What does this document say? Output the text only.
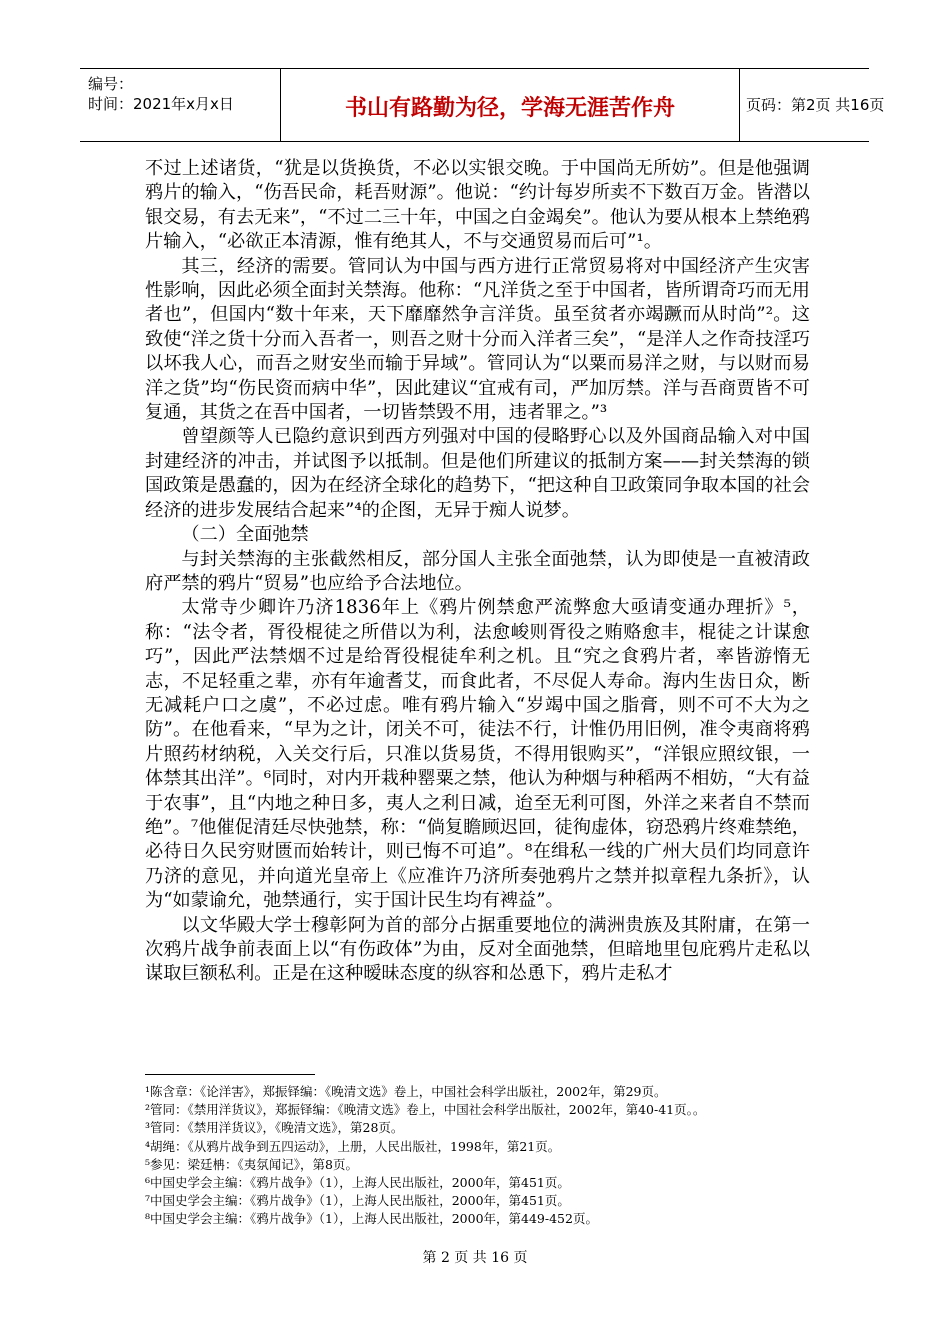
编号：
时间：2021年x月x日	书山有路勤为径，学海无涯苦作舟	页码：第2页 共16页

不过上述诸货，“犹是以货换货，不必以实银交晚。于中国尚无所妨”。但是他强调鸦片的输入，“伤吾民命，耗吾财源”。他说：“约计每岁所卖不下数百万金。皆潜以银交易，有去无来”，“不过二三十年，中国之白金竭矣”。他认为要从根本上禁绝鸦片输入，“必欲正本清源，惟有绝其人，不与交通贸易而后可”¹。

其三，经济的需要。管同认为中国与西方进行正常贸易将对中国经济产生灾害性影响，因此必须全面封关禁海。他称：“凡洋货之至于中国者，皆所谓奇巧而无用者也”，但国内“数十年来，天下靡靡然争言洋货。虽至贫者亦竭蹶而从时尚”²。这致使“洋之货十分而入吾者一，则吾之财十分而入洋者三矣”，“是洋人之作奇技淫巧以坏我人心，而吾之财安坐而输于异域”。管同认为“以粟而易洋之财，与以财而易洋之货”均“伤民资而病中华”，因此建议“宜戒有司，严加厉禁。洋与吾商贾皆不可复通，其货之在吾中国者，一切皆禁毁不用，违者罪之。”³

曾望颜等人已隐约意识到西方列强对中国的侵略野心以及外国商品输入对中国封建经济的冲击，并试图予以抵制。但是他们所建议的抵制方案——封关禁海的锁国政策是愚蠢的，因为在经济全球化的趋势下，“把这种自卫政策同争取本国的社会经济的进步发展结合起来”⁴的企图，无异于痴人说梦。

（二）全面弛禁

与封关禁海的主张截然相反，部分国人主张全面弛禁，认为即使是一直被清政府严禁的鸦片“贸易”也应给予合法地位。

太常寺少卿许乃济1836年上《鸦片例禁愈严流弊愈大亟请变通办理折》⁵，称：“法令者，胥役棍徒之所借以为利，法愈峻则胥役之贿赂愈丰，棍徒之计谋愈巧”，因此严法禁烟不过是给胥役棍徒牟利之机。且“究之食鸦片者，率皆游惰无志，不足轻重之辈，亦有年逾耆艾，而食此者，不尽促人寿命。海内生齿日众，断无减耗户口之虞”，不必过虑。唯有鸦片输入“岁竭中国之脂膏，则不可不大为之防”。在他看来，“早为之计，闭关不可，徒法不行，计惟仍用旧例，准令夷商将鸦片照药材纳税，入关交行后，只准以货易货，不得用银购买”，“洋银应照纹银，一体禁其出洋”。⁶同时，对内开栽种罂粟之禁，他认为种烟与种稻两不相妨，“大有益于农事”，且“内地之种日多，夷人之利日减，迨至无利可图，外洋之来者自不禁而绝”。⁷他催促清廷尽快弛禁，称：“倘复瞻顾迟回，徒徇虚体，窃恐鸦片终难禁绝，必待日久民穷财匮而始转计，则已悔不可追”。⁸在缉私一线的广州大员们均同意许乃济的意见，并向道光皇帝上《应准许乃济所奏弛鸦片之禁并拟章程九条折》，认为“如蒙谕允，弛禁通行，实于国计民生均有裨益”。

以文华殿大学士穆彰阿为首的部分占据重要地位的满洲贵族及其附庸，在第一次鸦片战争前表面上以“有伤政体”为由，反对全面弛禁，但暗地里包庇鸦片走私以谋取巨额私利。正是在这种暧昧态度的纵容和怂恿下，鸦片走私才

¹陈含章：《论洋害》，郑振铎编：《晚清文选》卷上，中国社会科学出版社，2002年，第29页。

²管同：《禁用洋货议》，郑振铎编：《晚清文选》卷上，中国社会科学出版社，2002年，第40-41页。。

³管同：《禁用洋货议》，《晚清文选》，第28页。

⁴胡绳：《从鸦片战争到五四运动》，上册，人民出版社，1998年，第21页。

⁵参见：梁廷柟：《夷氛闻记》，第8页。

⁶中国史学会主编：《鸦片战争》（1），上海人民出版社，2000年，第451页。

⁷中国史学会主编：《鸦片战争》（1），上海人民出版社，2000年，第451页。

⁸中国史学会主编：《鸦片战争》（1），上海人民出版社，2000年，第449-452页。

第 2 页 共 16 页
